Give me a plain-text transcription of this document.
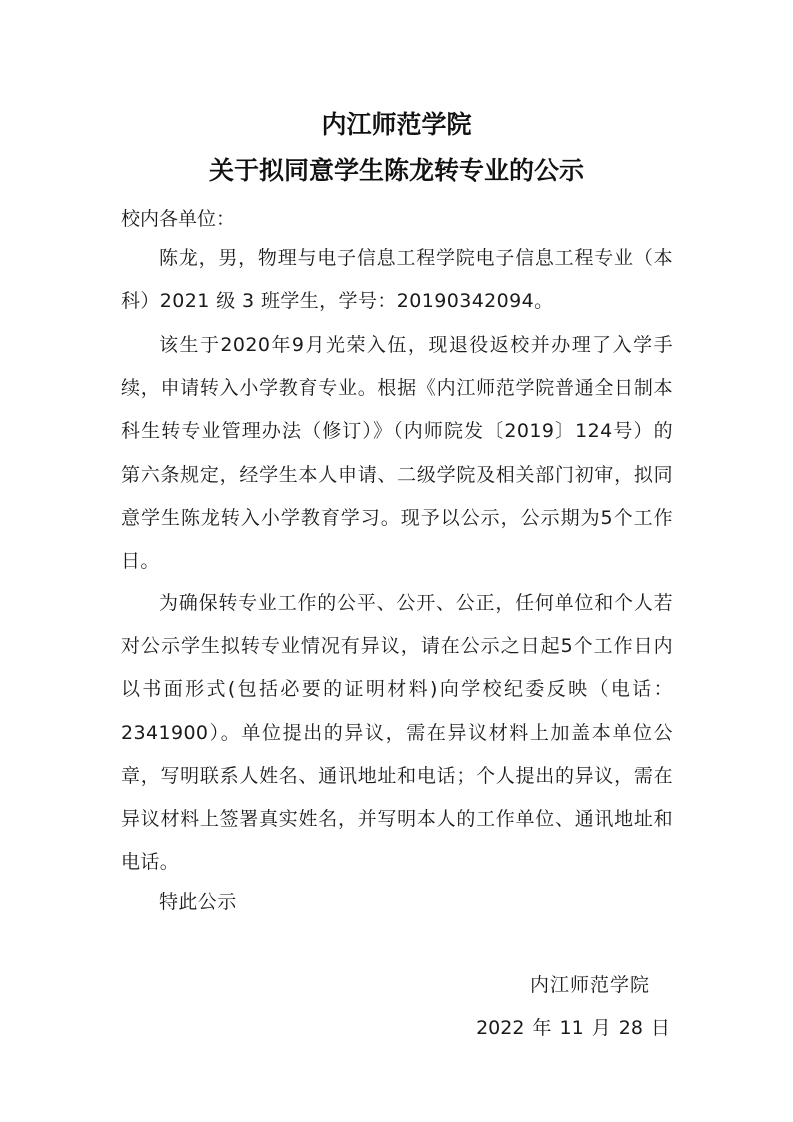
内江师范学院
关于拟同意学生陈龙转专业的公示
校内各单位：

陈龙，男，物理与电子信息工程学院电子信息工程专业（本科）2021 级 3 班学生，学号：20190342094。

该生于2020年9月光荣入伍，现退役返校并办理了入学手续，申请转入小学教育专业。根据《内江师范学院普通全日制本科生转专业管理办法（修订）》（内师院发〔2019〕124号）的第六条规定，经学生本人申请、二级学院及相关部门初审，拟同意学生陈龙转入小学教育学习。现予以公示，公示期为5个工作日。

为确保转专业工作的公平、公开、公正，任何单位和个人若对公示学生拟转专业情况有异议，请在公示之日起5个工作日内以书面形式(包括必要的证明材料)向学校纪委反映（电话：2341900）。单位提出的异议，需在异议材料上加盖本单位公章，写明联系人姓名、通讯地址和电话；个人提出的异议，需在异议材料上签署真实姓名，并写明本人的工作单位、通讯地址和电话。

特此公示

内江师范学院
2022 年 11 月 28 日
